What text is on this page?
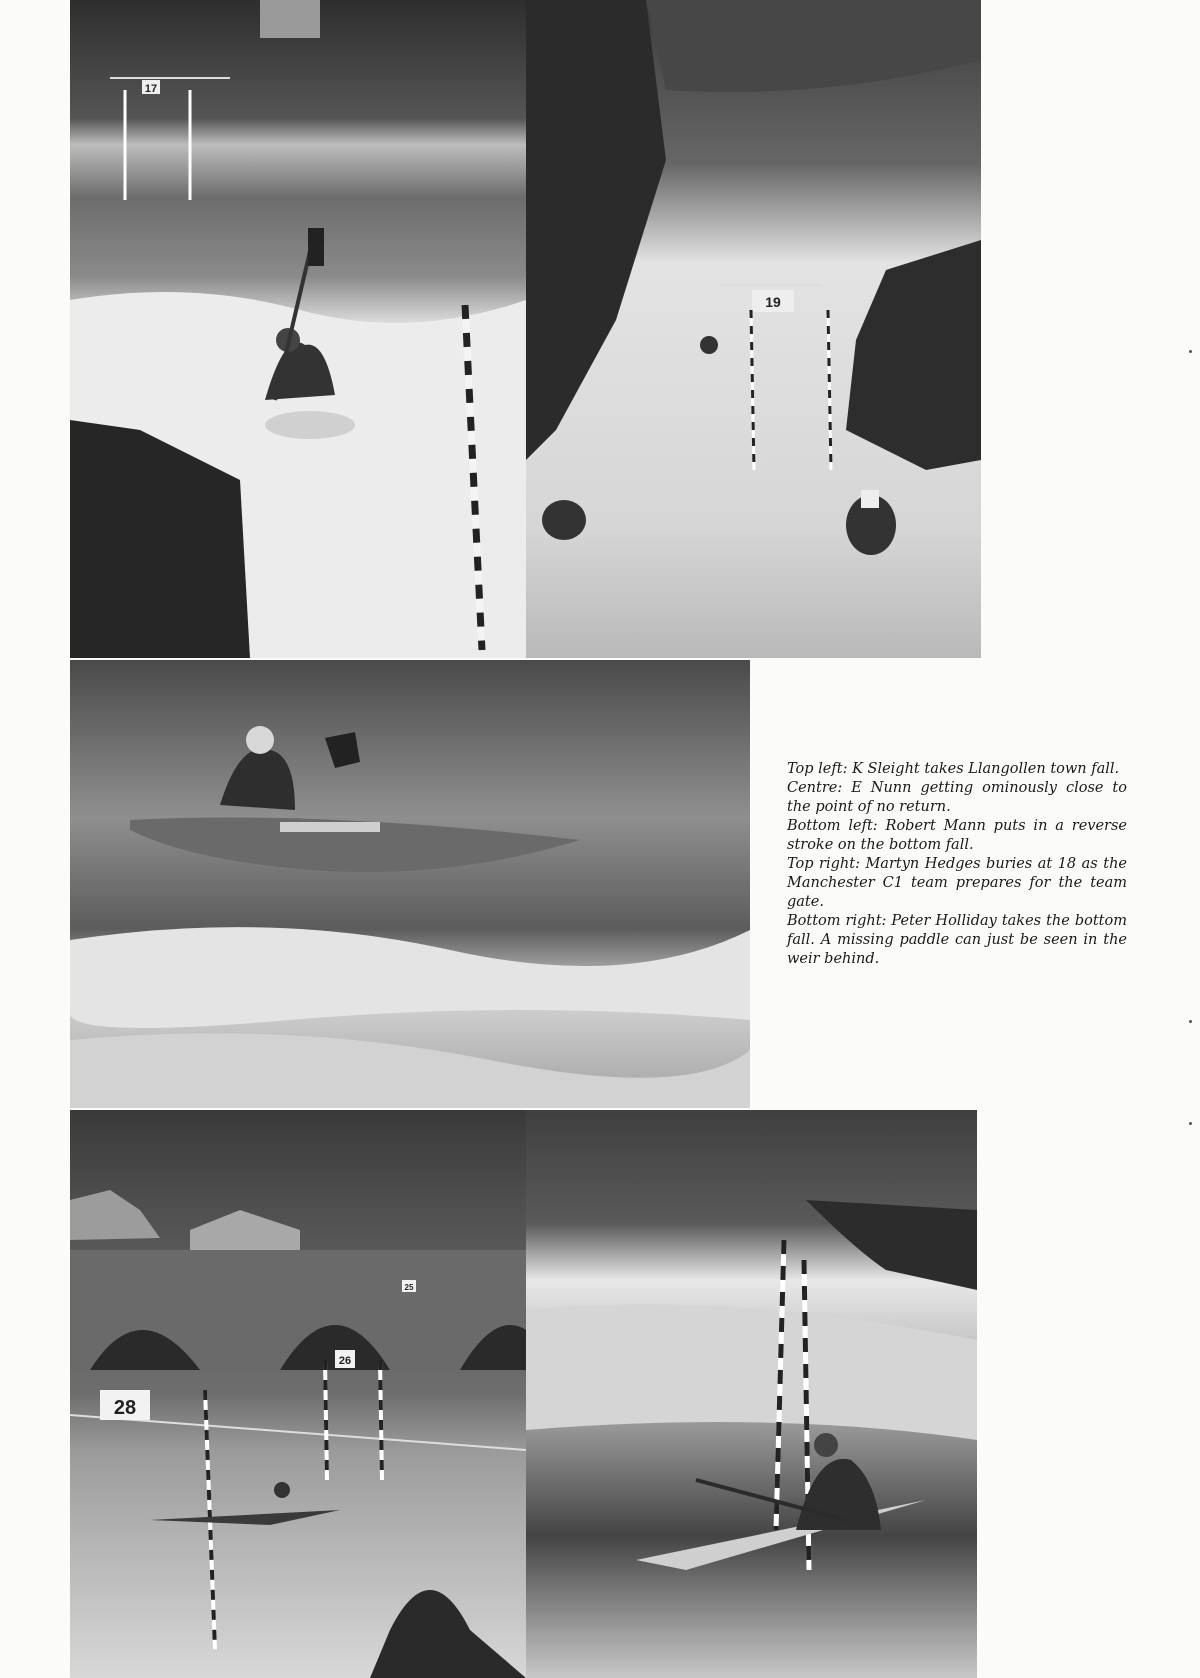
17
19
28
26
25

Top left: K Sleight takes Llangollen town fall.

Centre: E Nunn getting ominously close to the point of no return.

Bottom left: Robert Mann puts in a reverse stroke on the bottom fall.

Top right: Martyn Hedges buries at 18 as the Manchester C1 team prepares for the team gate.

Bottom right: Peter Holliday takes the bottom fall. A missing paddle can just be seen in the weir behind.
